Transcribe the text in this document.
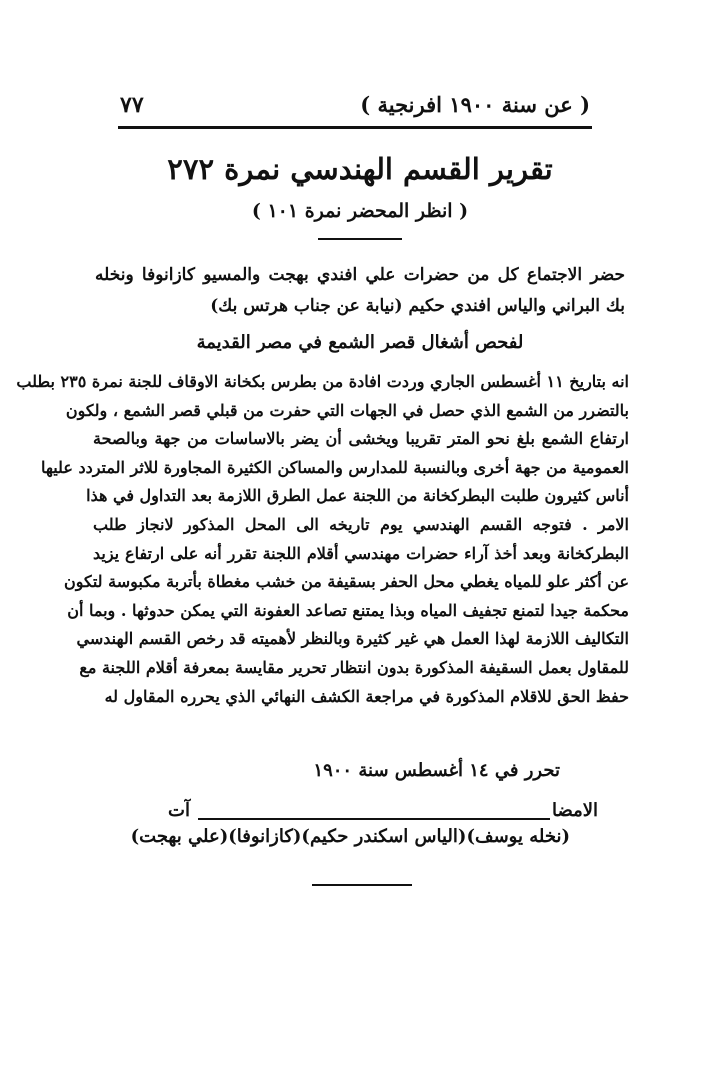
٧٧	( عن سنة ١٩٠٠ افرنجية )
تقرير القسم الهندسي نمرة ٢٧٢
( انظر المحضر نمرة ١٠١ )
حضر الاجتماع كل من حضرات علي افندي بهجت والمسيو كازانوفا ونخله بك البراني والياس افندي حكيم (نيابة عن جناب هرتس بك)
لفحص أشغال قصر الشمع في مصر القديمة
انه بتاريخ ١١ أغسطس الجاري وردت افادة من بطرس بكخانة الاوقاف للجنة نمرة ٢٣٥ بطلب
بالتضرر من الشمع الذي حصل في الجهات التي حفرت من قبلي قصر الشمع ، ولكون
ارتفاع الشمع بلغ نحو المتر تقريبا ويخشى أن يضر بالاساسات من جهة وبالصحة
العمومية من جهة أخرى وبالنسبة للمدارس والمساكن الكثيرة المجاورة للاثر المتردد عليها
أناس كثيرون طلبت البطركخانة من اللجنة عمل الطرق اللازمة بعد التداول في هذا
الامر . فتوجه القسم الهندسي يوم تاريخه الى المحل المذكور لانجاز طلب
البطركخانة وبعد أخذ آراء حضرات مهندسي أقلام اللجنة تقرر أنه على ارتفاع يزيد
عن أكثر علو للمياه يغطي محل الحفر بسقيفة من خشب مغطاة بأتربة مكبوسة لتكون
محكمة جيدا لتمنع تجفيف المياه وبذا يمتنع تصاعد العفونة التي يمكن حدوثها . وبما أن
التكاليف اللازمة لهذا العمل هي غير كثيرة وبالنظر لأهميته قد رخص القسم الهندسي
للمقاول بعمل السقيفة المذكورة بدون انتظار تحرير مقايسة بمعرفة أقلام اللجنة مع
حفظ الحق للاقلام المذكورة في مراجعة الكشف النهائي الذي يحرره المقاول له
تحرر في ١٤ أغسطس سنة ١٩٠٠
الامضا
آت
(نخله يوسف)
(الياس اسكندر حكيم)
(كازانوفا)
(علي بهجت)
